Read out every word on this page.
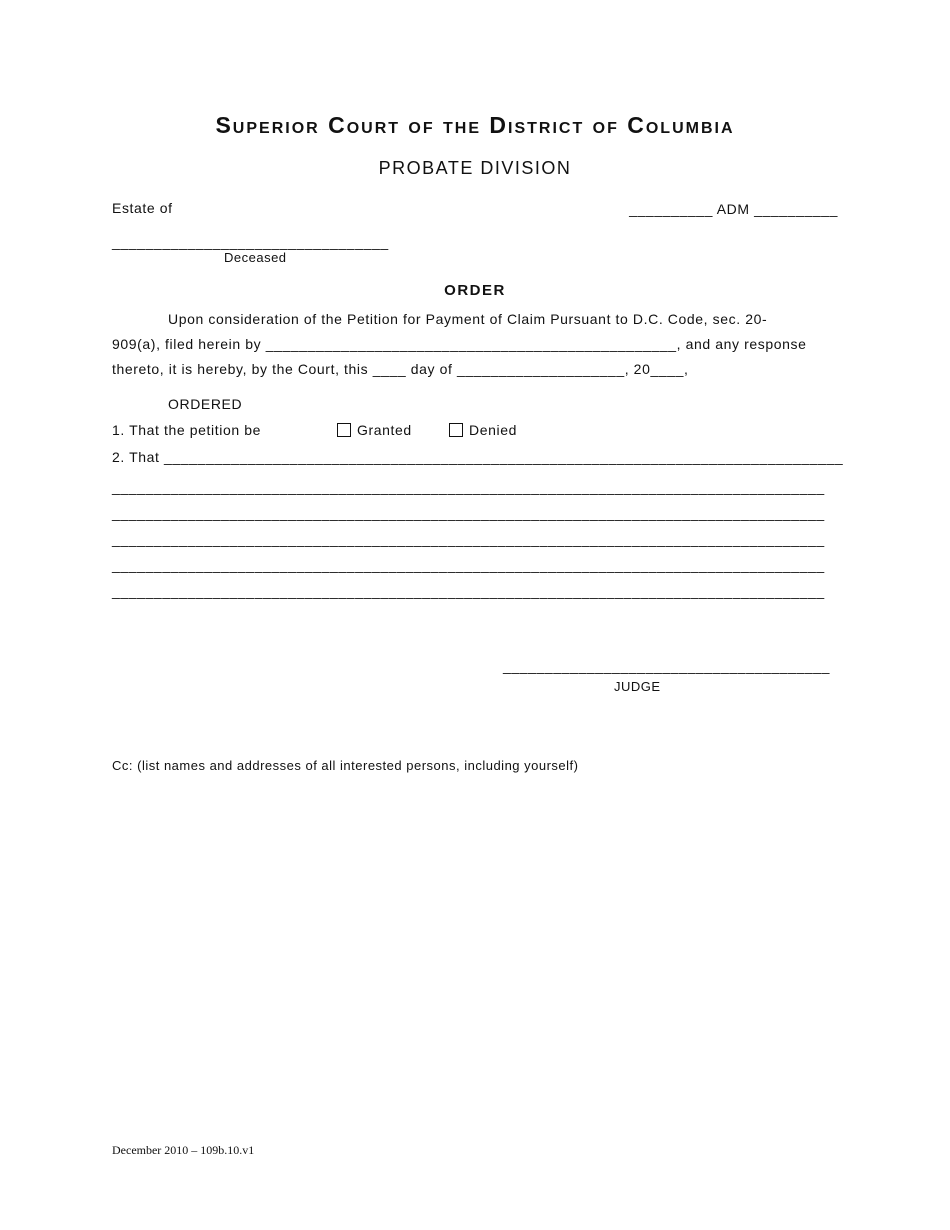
Superior Court of the District of Columbia
PROBATE DIVISION
Estate of	__________ ADM __________
_________________________________
Deceased
ORDER
Upon consideration of the Petition for Payment of Claim Pursuant to D.C. Code, sec. 20-
909(a), filed herein by _________________________________________________, and any response
thereto, it is hereby, by the Court, this ____ day of ____________________, 20____,
ORDERED
1. That the petition be	Granted	Denied
2. That _________________________________________________________________________________
_____________________________________________________________________________________
_____________________________________________________________________________________
_____________________________________________________________________________________
_____________________________________________________________________________________
_____________________________________________________________________________________
_______________________________________
JUDGE
Cc: (list names and addresses of all interested persons, including yourself)
December 2010 – 109b.10.v1
